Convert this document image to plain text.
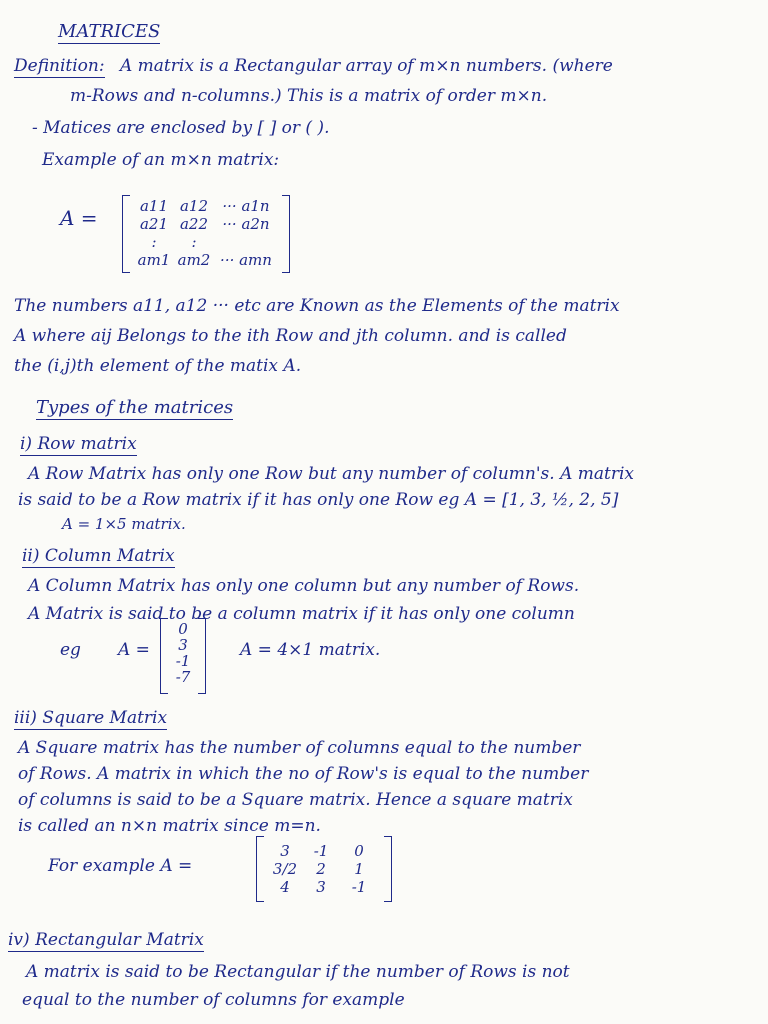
MATRICES
Definition: A matrix is a Rectangular array of m×n numbers. (where
m-Rows and n-columns.) This is a matrix of order m×n.
- Matices are enclosed by [ ] or ( ).
Example of an m×n matrix:
A =	a11 a12 ··· a1n
a21 a22 ··· a2n
:	:
am1 am2 ··· amn
The numbers a11, a12 ··· etc are Known as the Elements of the matrix
A where aij Belongs to the ith Row and jth column. and is called
the (i,j)th element of the matix A.
Types of the matrices
i) Row matrix
A Row Matrix has only one Row but any number of column's. A matrix
is said to be a Row matrix if it has only one Row eg A = [1, 3, ½, 2, 5]
A = 1×5 matrix.
ii) Column Matrix
A Column Matrix has only one column but any number of Rows.
A Matrix is said to be a column matrix if it has only one column
eg A =
0
3
-1
-7
A = 4×1 matrix.
iii) Square Matrix
A Square matrix has the number of columns equal to the number
of Rows. A matrix in which the no of Row's is equal to the number
of columns is said to be a Square matrix. Hence a square matrix
is called an n×n matrix since m=n.
For example A =
3	-1	0
3/2	2	1
4	3	-1
iv) Rectangular Matrix
A matrix is said to be Rectangular if the number of Rows is not
equal to the number of columns for example
